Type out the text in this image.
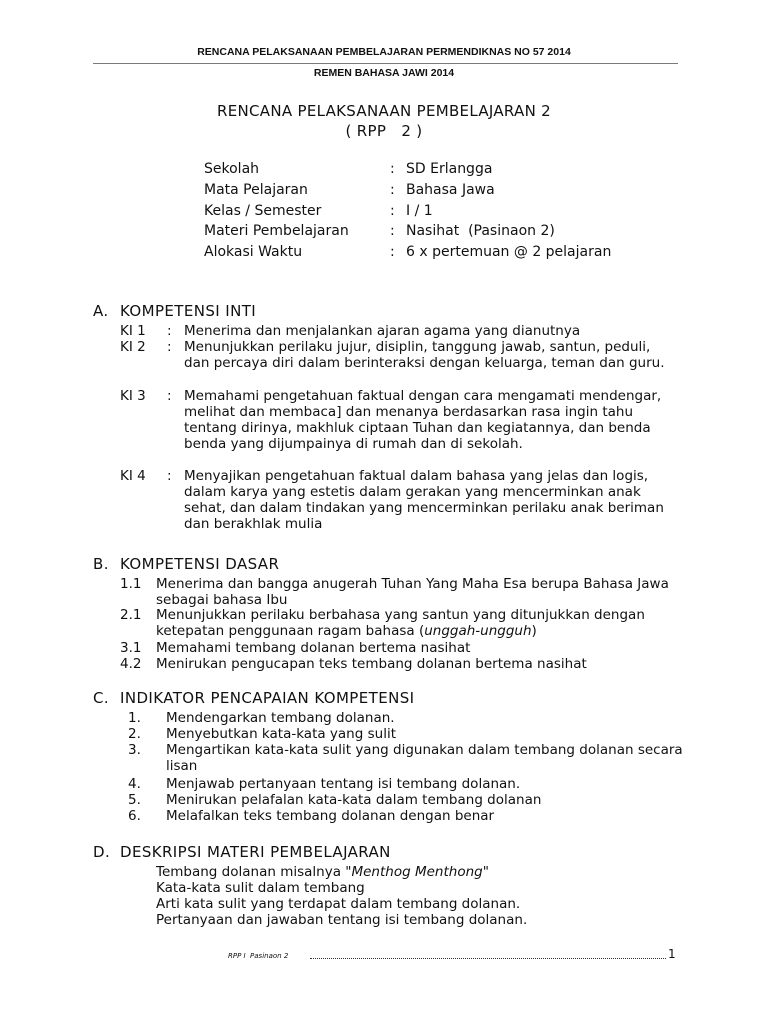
RENCANA PELAKSANAAN PEMBELAJARAN PERMENDIKNAS NO 57 2014
REMEN BAHASA JAWI 2014
RENCANA PELAKSANAAN PEMBELAJARAN 2
( RPP   2 )
Sekolah	: SD Erlangga
Mata Pelajaran	: Bahasa Jawa
Kelas / Semester	: I / 1
Materi Pembelajaran	: Nasihat  (Pasinaon 2)
Alokasi Waktu	: 6 x pertemuan @ 2 pelajaran
A. KOMPETENSI INTI
KI 1 : Menerima dan menjalankan ajaran agama yang dianutnya
KI 2 : Menunjukkan perilaku jujur, disiplin, tanggung jawab, santun, peduli, dan percaya diri dalam berinteraksi dengan keluarga, teman dan guru.
KI 3 : Memahami pengetahuan faktual dengan cara mengamati mendengar, melihat dan membaca] dan menanya berdasarkan rasa ingin tahu tentang dirinya, makhluk ciptaan Tuhan dan kegiatannya, dan benda benda yang dijumpainya di rumah dan di sekolah.
KI 4 : Menyajikan pengetahuan faktual dalam bahasa yang jelas dan logis, dalam karya yang estetis dalam gerakan yang mencerminkan anak sehat, dan dalam tindakan yang mencerminkan perilaku anak beriman dan berakhlak mulia
B. KOMPETENSI DASAR
1.1 Menerima dan bangga anugerah Tuhan Yang Maha Esa berupa Bahasa Jawa sebagai bahasa Ibu
2.1 Menunjukkan perilaku berbahasa yang santun yang ditunjukkan dengan ketepatan penggunaan ragam bahasa (unggah-ungguh)
3.1 Memahami tembang dolanan bertema nasihat
4.2 Menirukan pengucapan teks tembang dolanan bertema nasihat
C. INDIKATOR PENCAPAIAN KOMPETENSI
1. Mendengarkan tembang dolanan.
2. Menyebutkan kata-kata yang sulit
3. Mengartikan kata-kata sulit yang digunakan dalam tembang dolanan secara lisan
4. Menjawab pertanyaan tentang isi tembang dolanan.
5. Menirukan pelafalan kata-kata dalam tembang dolanan
6. Melafalkan teks tembang dolanan dengan benar
D. DESKRIPSI MATERI PEMBELAJARAN
Tembang dolanan misalnya "Menthog Menthong"
Kata-kata sulit dalam tembang
Arti kata sulit yang terdapat dalam tembang dolanan.
Pertanyaan dan jawaban tentang isi tembang dolanan.
RPP I  Pasinaon 2	1
